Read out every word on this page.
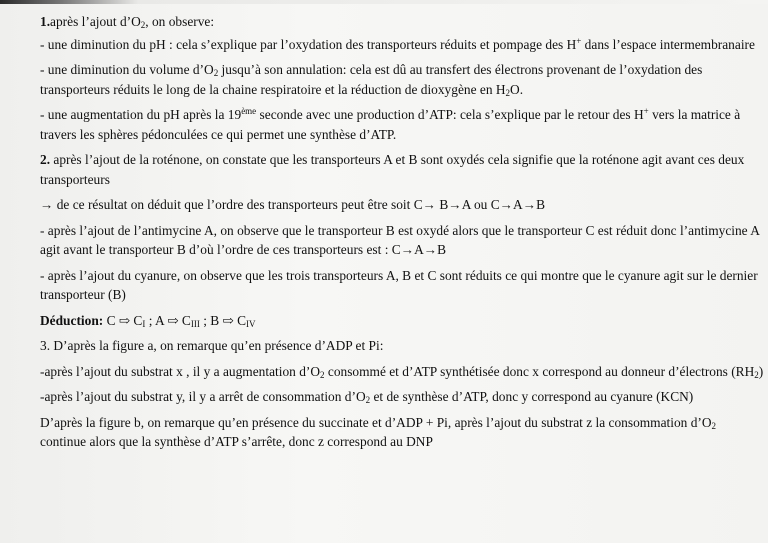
1.après l’ajout $d’O_2$, on observe:

- une diminution du pH : cela s’explique par l’oxydation des transporteurs réduits et pompage des H+ dans l’espace intermembranaire

- une diminution du volume $d’O_2$ jusqu’à son annulation: cela est dû au transfert des électrons provenant de l’oxydation des transporteurs réduits le long de la chaine respiratoire et la réduction de dioxygène en $H_2O$.

- une augmentation du pH après la 19ème seconde avec une production d’ATP: cela s’explique par le retour des H+ vers la matrice à travers les sphères pédonculées ce qui permet une synthèse d’ATP.

2. après l’ajout de la roténone, on constate que les transporteurs A et B sont oxydés cela signifie que la roténone agit avant ces deux transporteurs

→ de ce résultat on déduit que l’ordre des transporteurs peut être soit C→ B→A ou C→A→B

- après l’ajout de l’antimycine A, on observe que le transporteur B est oxydé alors que le transporteur C est réduit donc l’antimycine A agit avant le transporteur B d’où l’ordre de ces transporteurs est : C→A→B

- après l’ajout du cyanure, on observe que les trois transporteurs A, B et C sont réduits ce qui montre que le cyanure agit sur le dernier transporteur (B)

Déduction: C ⇨ $C_I$ ; A ⇨ $C_{III}$ ; B ⇨ $C_{IV}$

3. D’après la figure a, on remarque qu’en présence d’ADP et Pi:

-après l’ajout du substrat x , il y a augmentation $d’O_2$ consommé et d’ATP synthétisée donc x correspond au donneur d’électrons $(RH_2)$

-après l’ajout du substrat y, il y a arrêt de consommation $d’O_2$ et de synthèse d’ATP, donc y correspond au cyanure (KCN)

D’après la figure b, on remarque qu’en présence du succinate et d’ADP + Pi, après l’ajout du substrat z la consommation $d’O_2$ continue alors que la synthèse d’ATP s’arrête, donc z correspond au DNP
